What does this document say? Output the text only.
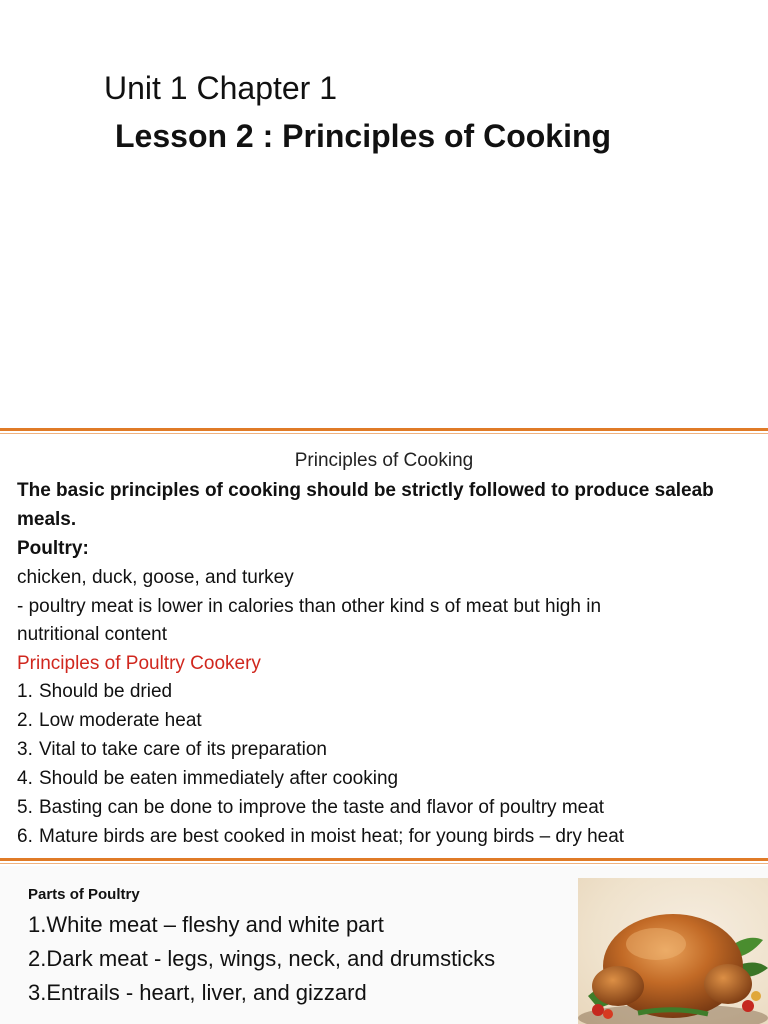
Unit 1 Chapter 1
Lesson 2 : Principles of Cooking
Principles of Cooking
The basic principles of cooking should be strictly followed to produce saleab
meals.
Poultry:
chicken, duck, goose, and turkey
- poultry meat is lower in calories than other kind s of meat but high in
nutritional content
Principles of Poultry Cookery
1. Should be dried
2. Low moderate heat
3. Vital to take care of its preparation
4. Should be eaten immediately after cooking
5. Basting can be done to improve the taste and flavor of poultry meat
6. Mature birds are best cooked in moist heat; for young birds – dry heat
Parts of Poultry
1.White meat – fleshy and white part
2.Dark meat - legs, wings, neck, and drumsticks
3.Entrails - heart, liver, and gizzard
